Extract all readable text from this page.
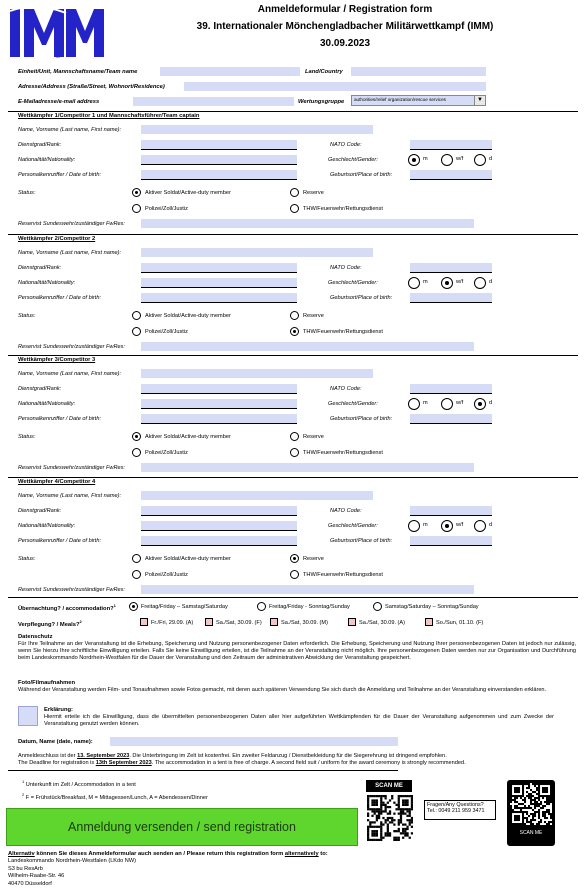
IMM
Anmeldeformular / Registration form
39. Internationaler Mönchengladbacher Militärwettkampf (IMM)
30.09.2023
Einheit/Unit, Mannschaftsname/Team name	Land/Country
Adresse/Address (Straße/Street, Wohnort/Residence)
E-Mailadresse/e-mail address	Wertungsgruppe authorities/relief organization/rescue services	▼
Wettkämpfer 1/Competitor 1 und Mannschaftsführer/Team captain
Name, Vorname (Last name, First name):
Dienstgrad/Rank:	NATO Code:
Nationalität/Nationality:	Geschlecht/Gender:	m	w/f	d
Personalkennziffer / Date of birth:	Geburtsort/Place of birth:
Status:	Aktiver Soldat/Active-duty member	Reserve
Polizei/Zoll/Justiz	THW/Feuerwehr/Rettungsdienst
Reservist Sundeswehr/zuständiger FwRes:
Wettkämpfer 2/Competitor 2
Name, Vorname (Last name, First name):
Dienstgrad/Rank:	NATO Code:
Nationalität/Nationality:	Geschlecht/Gender:	m	w/f	d
Personalkennziffer / Date of birth:	Geburtsort/Place of birth:
Status:	Aktiver Soldat/Active-duty member	Reserve
Polizei/Zoll/Justiz	THW/Feuerwehr/Rettungsdienst
Reservist Sundeswehr/zuständiger FwRes:
Wettkämpfer 3/Competitor 3
Name, Vorname (Last name, First name):
Dienstgrad/Rank:	NATO Code:
Nationalität/Nationality:	Geschlecht/Gender:	m	w/f	d
Personalkennziffer / Date of birth:	Geburtsort/Place of birth:
Status:	Aktiver Soldat/Active-duty member	Reserve
Polizei/Zoll/Justiz	THW/Feuerwehr/Rettungsdienst
Reservist Sundeswehr/zuständiger FwRes:
Wettkämpfer 4/Competitor 4
Name, Vorname (Last name, First name):
Dienstgrad/Rank:	NATO Code:
Nationalität/Nationality:	Geschlecht/Gender:	m	w/f	d
Personalkennziffer / Date of birth:	Geburtsort/Place of birth:
Status:	Aktiver Soldat/Active-duty member	Reserve
Polizei/Zoll/Justiz	THW/Feuerwehr/Rettungsdienst
Reservist Sundeswehr/zuständiger FwRes:
Übernachtung? / accommodation?$^1$	Freitag/Friday – Samstag/Saturday	Freitag/Friday - Sonntag/Sunday	Samstag/Saturday – Sonntag/Sunday
Verpflegung? / Meals?$^2$	Fr./Fri, 29.09. (A)	Sa./Sat, 30.09. (F)	Sa./Sat, 30.09. (M)	Sa./Sat, 30.09. (A)	So./Sun, 01.10. (F)
Datenschutz
Für Ihre Teilnahme an der Veranstaltung ist die Erhebung, Speicherung und Nutzung personenbezogener Daten erforderlich. Die Erhebung, Speicherung und Nutzung Ihrer personenbezogenen Daten ist jedoch nur zulässig, wenn Sie hierzu Ihre schriftliche Einwilligung erteilen. Falls Sie keine Einwilligung erteilen, ist die Teilnahme an der Veranstaltung nicht möglich. Ihre personenbezogenen Daten werden nur zur Organisation und Durchführung beim Landeskommando Nordrhein-Westfalen für die Dauer der Veranstaltung und den Zeitraum der administrativen Abwicklung der Veranstaltung gespeichert.
Foto/Filmaufnahmen
Während der Veranstaltung werden Film- und Tonaufnahmen sowie Fotos gemacht, mit deren auch späteren Verwendung Sie sich durch die Anmeldung und Teilnahme an der Veranstaltung einverstanden erklären.
Erklärung:
Hiermit erteile ich die Einwilligung, dass die übermittelten personenbezogenen Daten aller hier aufgeführten Wettkämpfenden für die Dauer der Veranstaltung aufgenommen und zum Zwecke der Veranstaltung genutzt werden können.
Datum, Name (date, name):
Anmeldeschluss ist der 13. September 2023. Die Unterbringung im Zelt ist kostenfrei. Ein zweiter Feldanzug / Dienstbekleidung für die Siegerehrung ist dringend empfohlen.
The Deadline for registration is 13th September 2023. The accommodation in a tent is free of charge. A second field suit / uniform for the award ceremony is strongly recommended.
$^1$ Unterkunft im Zelt / Accommodation in a tent
$^2$ F = Frühstück/Breakfast, M = Mittagessen/Lunch, A = Abendessen/Dinner
Anmeldung versenden / send registration
SCAN ME
Fragen/Any Questions?
Tel.: 0049 211 959 3471
SCAN ME
Alternativ können Sie dieses Anmeldeformular auch senden an / Please return this registration form alternatively to:
Landeskommando Nordrhein-Westfalen (LKdo NW)
S3 bu ResArb
Wilhelm-Raabe-Str. 46
40470 Düsseldorf
